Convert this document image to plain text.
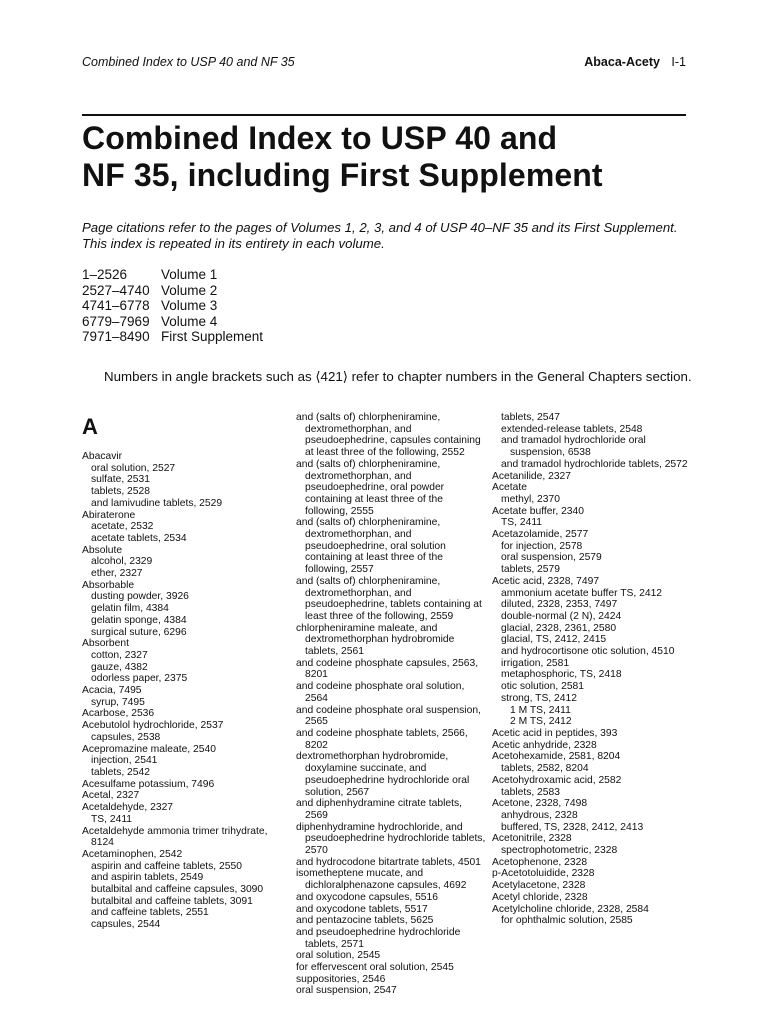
Combined Index to USP 40 and NF 35	Abaca-Acety I-1
Combined Index to USP 40 and
NF 35, including First Supplement

Page citations refer to the pages of Volumes 1, 2, 3, and 4 of USP 40–NF 35 and its First Supplement. This index is repeated in its entirety in each volume.

1–2526	Volume 1
2527–4740 Volume 2
4741–6778 Volume 3
6779–7969 Volume 4
7971–8490 First Supplement
Numbers in angle brackets such as ⟨421⟩ refer to chapter numbers in the General Chapters section.
A
Abacavir
oral solution, 2527
sulfate, 2531
tablets, 2528
and lamivudine tablets, 2529
Abiraterone
acetate, 2532
acetate tablets, 2534
Absolute
alcohol, 2329
ether, 2327
Absorbable
dusting powder, 3926
gelatin film, 4384
gelatin sponge, 4384
surgical suture, 6296
Absorbent
cotton, 2327
gauze, 4382
odorless paper, 2375
Acacia, 7495
syrup, 7495
Acarbose, 2536
Acebutolol hydrochloride, 2537
capsules, 2538
Acepromazine maleate, 2540
injection, 2541
tablets, 2542
Acesulfame potassium, 7496
Acetal, 2327
Acetaldehyde, 2327
TS, 2411
Acetaldehyde ammonia trimer trihydrate, 8124
Acetaminophen, 2542
aspirin and caffeine tablets, 2550
and aspirin tablets, 2549
butalbital and caffeine capsules, 3090
butalbital and caffeine tablets, 3091
and caffeine tablets, 2551
capsules, 2544
and (salts of) chlorpheniramine, dextromethorphan, and pseudoephedrine, capsules containing at least three of the following, 2552
and (salts of) chlorpheniramine, dextromethorphan, and pseudoephedrine, oral powder containing at least three of the following, 2555
and (salts of) chlorpheniramine, dextromethorphan, and pseudoephedrine, oral solution containing at least three of the following, 2557
and (salts of) chlorpheniramine, dextromethorphan, and pseudoephedrine, tablets containing at least three of the following, 2559
chlorpheniramine maleate, and dextromethorphan hydrobromide tablets, 2561
and codeine phosphate capsules, 2563, 8201
and codeine phosphate oral solution, 2564
and codeine phosphate oral suspension, 2565
and codeine phosphate tablets, 2566, 8202
dextromethorphan hydrobromide, doxylamine succinate, and pseudoephedrine hydrochloride oral solution, 2567
and diphenhydramine citrate tablets, 2569
diphenhydramine hydrochloride, and pseudoephedrine hydrochloride tablets, 2570
and hydrocodone bitartrate tablets, 4501
isometheptene mucate, and dichloralphenazone capsules, 4692
and oxycodone capsules, 5516
and oxycodone tablets, 5517
and pentazocine tablets, 5625
and pseudoephedrine hydrochloride tablets, 2571
oral solution, 2545
for effervescent oral solution, 2545
suppositories, 2546
oral suspension, 2547
tablets, 2547
extended-release tablets, 2548
and tramadol hydrochloride oral suspension, 6538
and tramadol hydrochloride tablets, 2572
Acetanilide, 2327
Acetate
methyl, 2370
Acetate buffer, 2340
TS, 2411
Acetazolamide, 2577
for injection, 2578
oral suspension, 2579
tablets, 2579
Acetic acid, 2328, 7497
ammonium acetate buffer TS, 2412
diluted, 2328, 2353, 7497
double-normal (2 N), 2424
glacial, 2328, 2361, 2580
glacial, TS, 2412, 2415
and hydrocortisone otic solution, 4510
irrigation, 2581
metaphosphoric, TS, 2418
otic solution, 2581
strong, TS, 2412
1 M TS, 2411
2 M TS, 2412
Acetic acid in peptides, 393
Acetic anhydride, 2328
Acetohexamide, 2581, 8204
tablets, 2582, 8204
Acetohydroxamic acid, 2582
tablets, 2583
Acetone, 2328, 7498
anhydrous, 2328
buffered, TS, 2328, 2412, 2413
Acetonitrile, 2328
spectrophotometric, 2328
Acetophenone, 2328
p-Acetotoluidide, 2328
Acetylacetone, 2328
Acetyl chloride, 2328
Acetylcholine chloride, 2328, 2584
for ophthalmic solution, 2585
